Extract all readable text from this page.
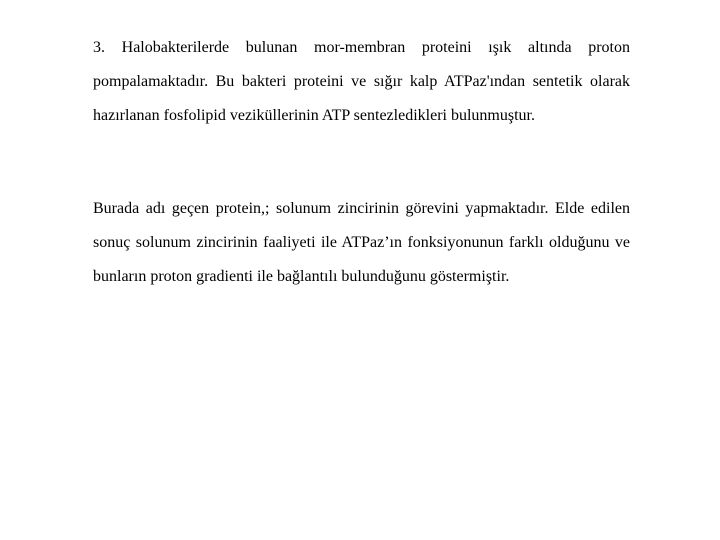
3. Halobakterilerde bulunan mor-membran proteini ışık altında proton pompalamaktadır. Bu bakteri proteini ve sığır kalp ATPaz'ından sentetik olarak hazırlanan fosfolipid veziküllerinin ATP sentezledikleri bulunmuştur.

Burada adı geçen protein,; solunum zincirinin görevini yapmaktadır. Elde edilen sonuç solunum zincirinin faaliyeti ile ATPaz’ın fonksiyonunun farklı olduğunu ve bunların proton gradienti ile bağlantılı bulunduğunu göstermiştir.
